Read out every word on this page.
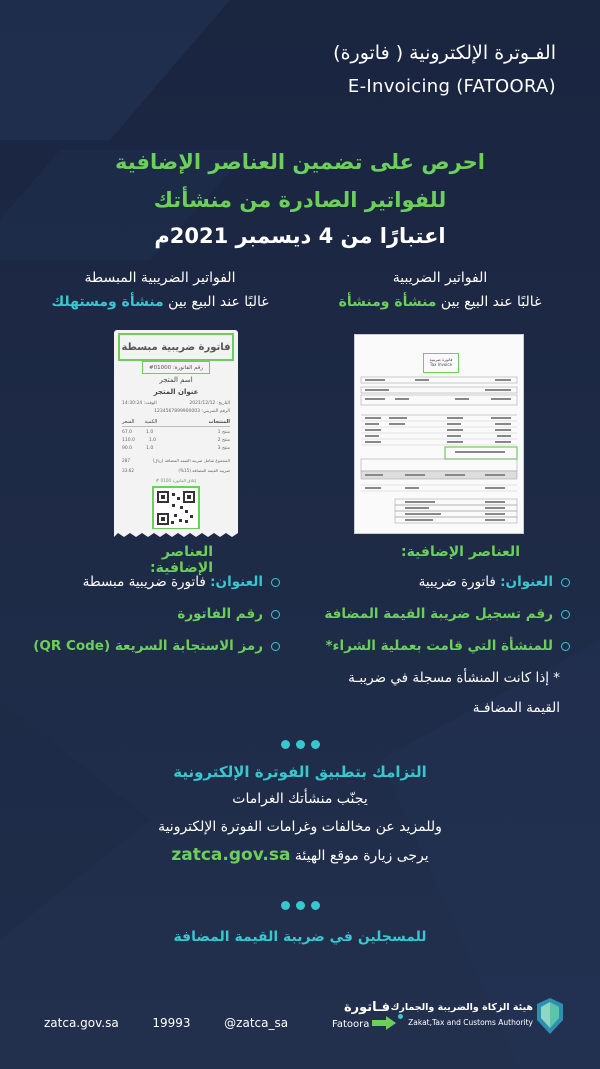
الفـوترة الإلكترونية ( فاتورة)
E-Invoicing (FATOORA)
احرص على تضمين العناصر الإضافية
للفواتير الصادرة من منشأتك
اعتبارًا من 4 ديسمبر 2021م
الفواتير الضريبية المبسطة
غالبًا عند البيع بين منشأة ومستهلك
الفواتير الضريبية
غالبًا عند البيع بين منشأة ومنشأة
فاتورة ضريبية مبسطة
رقم الفاتورة: 01000#
اسم المتجر
عنوان المتجر
التاريخ: 2021/12/12
الوقت: 14:30:24
الرقم الضريبي: 1234567899900003
المنتجات
الكمية
السعر
منتج 1
1.0
67.0
منتج 2
1.0
110.0
منتج 3
1.0
90.0
المجموع شامل ضريبة القيمة المضافة (ريال)
287
ضريبة القيمة المضافة (15%)
33.62
إغلاق الفاتورة 0100 #
فاتورة ضريبية
Tax Invoice
العناصر الإضافية:
العنوان: فاتورة ضريبية مبسطة
رقم الفاتورة
رمز الاستجابة السريعة (QR Code)
العناصر الإضافية:
العنوان: فاتورة ضريبية
رقم تسجيل ضريبة القيمة المضافة
للمنشأة التي قامت بعملية الشراء*
* إذا كانت المنشأة مسجلة في ضريبـة
القيمة المضافـة
التزامك بتطبيق الفوترة الإلكترونية
يجنّب منشأتك الغرامات
وللمزيد عن مخالفات وغرامات الفوترة الإلكترونية
يرجى زيارة موقع الهيئة zatca.gov.sa
للمسجلين في ضريبة القيمة المضافة
zatca.gov.sa	19993	@zatca_sa
فـاتورة
Fatoora
هيئة الزكاة والضريبة والجمارك
Zakat,Tax and Customs Authority
